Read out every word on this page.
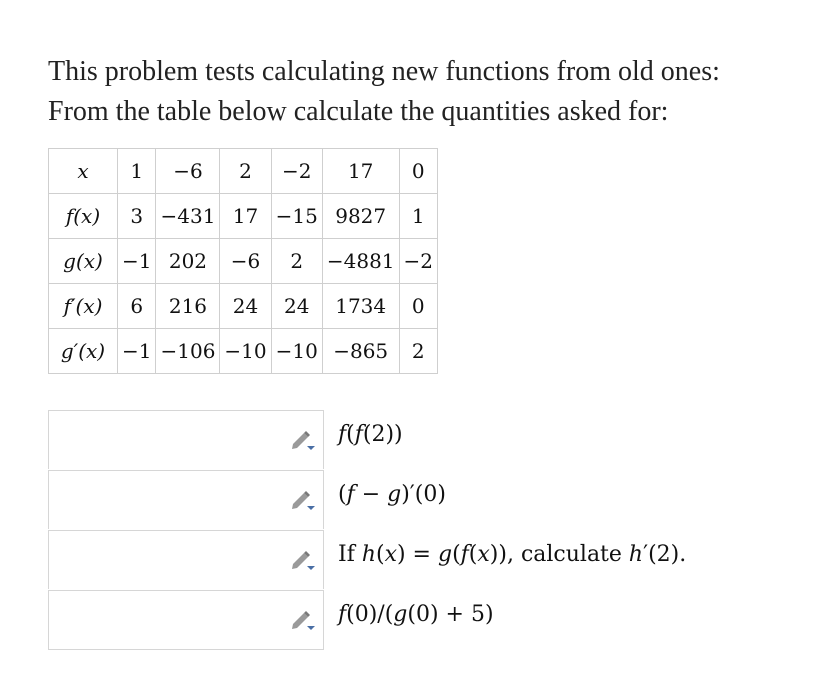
This problem tests calculating new functions from old ones:
From the table below calculate the quantities asked for:
𝑥	1	−6	2	−2	17	0
𝑓(𝑥)	3	−431	17	−15	9827	1
𝑔(𝑥)	−1	202	−6	2	−4881	−2
𝑓′(𝑥)	6	216	24	24	1734	0
𝑔′(𝑥)	−1	−106	−10	−10	−865	2
𝑓(𝑓(2))
(𝑓 − 𝑔)′(0)
If ℎ(𝑥) = 𝑔(𝑓(𝑥)), calculate ℎ′(2).
𝑓(0)/(𝑔(0) + 5)
